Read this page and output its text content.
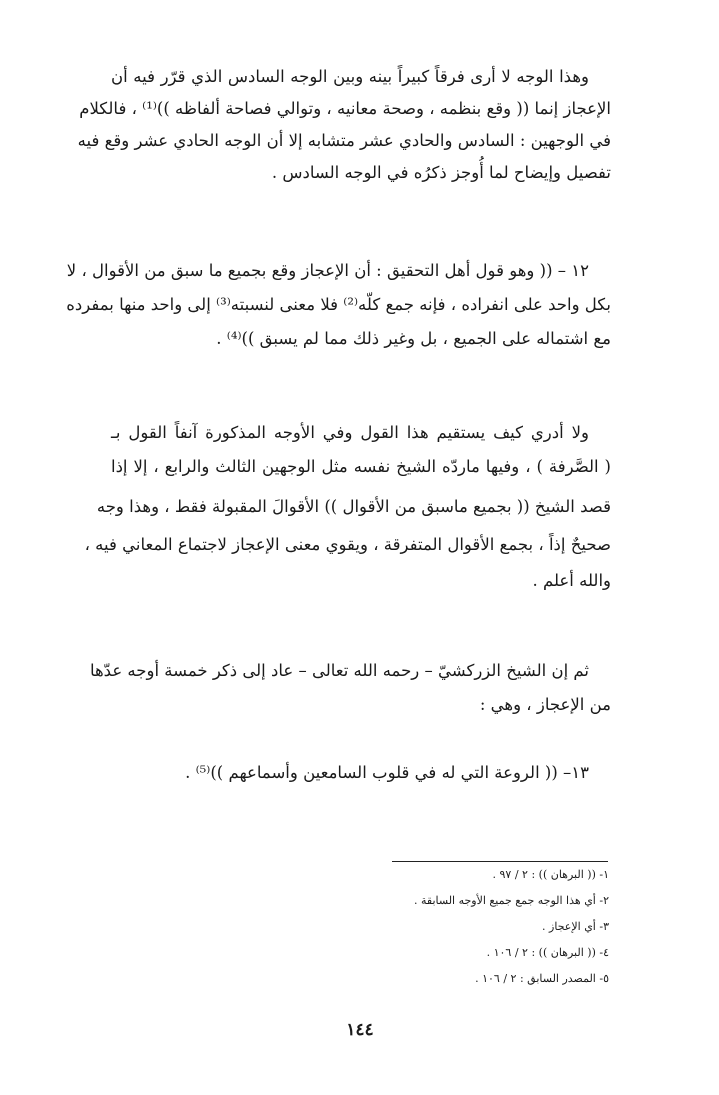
وهذا الوجه لا أرى فرقاً كبيراً بينه وبين الوجه السادس الذي قرّر فيه أن
الإعجاز إنما (( وقع بنظمه ، وصحة معانيه ، وتوالي فصاحة ألفاظه ))⁽¹⁾ ، فالكلام
في الوجهين : السادس والحادي عشر متشابه إلا أن الوجه الحادي عشر وقع فيه
تفصيل وإيضاح لما أُوجز ذكرُه في الوجه السادس .
١٢ – (( وهو قول أهل التحقيق : أن الإعجاز وقع بجميع ما سبق من الأقوال ، لا
بكل واحد على انفراده ، فإنه جمع كلّه⁽²⁾ فلا معنى لنسبته⁽³⁾ إلى واحد منها بمفرده
مع اشتماله على الجميع ، بل وغير ذلك مما لم يسبق ))⁽⁴⁾ .
ولا أدري كيف يستقيم هذا القول وفي الأوجه المذكورة آنفاً القول بـ
( الصَّرفة ) ، وفيها ماردّه الشيخ نفسه مثل الوجهين الثالث والرابع ، إلا إذا
قصد الشيخ (( بجميع ماسبق من الأقوال )) الأقوالَ المقبولة فقط ، وهذا وجه
صحيحٌ إذاً ، بجمع الأقوال المتفرقة ، ويقوي معنى الإعجاز لاجتماع المعاني فيه ،
والله أعلم .
ثم إن الشيخ الزركشيّ – رحمه الله تعالى – عاد إلى ذكر خمسة أوجه عدّها
من الإعجاز ، وهي :
١٣– (( الروعة التي له في قلوب السامعين وأسماعهم ))⁽⁵⁾ .
١- (( البرهان )) : ٢ / ٩٧ .
٢- أي هذا الوجه جمع جميع الأوجه السابقة .
٣- أي الإعجاز .
٤- (( البرهان )) : ٢ / ١٠٦ .
٥- المصدر السابق : ٢ / ١٠٦ .
١٤٤
